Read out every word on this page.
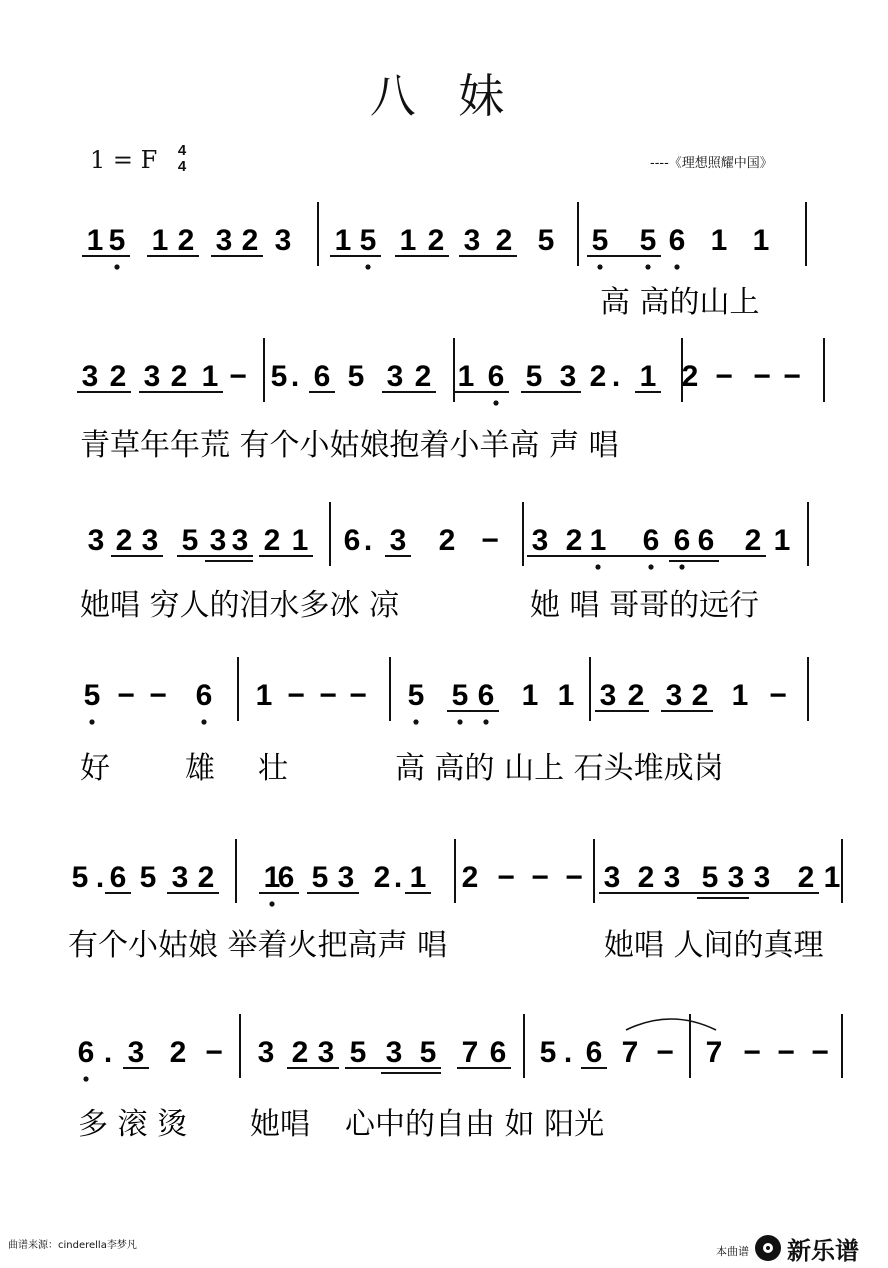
八 妹
1 = F	4
4	----《理想照耀中国》
1 5 1 2 3 2 3 1 5 1 2 3 2 5 5 5 6 1 1
高 高的山上
3 2 3 2 1 − 5 . 6 5 3 2 1 6 5 3 2 . 1 2 − − −
青草年年荒 有个小姑娘抱着小羊高 声 唱
3 2 3 5 3 3 2 1 6 . 3 2 − 3 2 1 6 6 6 2 1
她唱 穷人的泪水多冰 凉	她 唱 哥哥的远行
5 − − 6 1 − − − 5 5 6 1 1 3 2 3 2 1 −
好	雄 壮	高 高的 山上 石头堆成岗
5 . 6 5 3 2 1
6 5 3 2 . 1 2 − − − 3 2 3 5 3 3 2 1
有个小姑娘 举着火把高声 唱	她唱 人间的真理
6 . 3 2 − 3 2 3 5 3 5 7 6 5 . 6 7 − 7 − − −
多 滚 烫 她唱 心中的自由 如 阳光
曲谱来源：cinderella李梦凡	本曲谱 新乐谱
